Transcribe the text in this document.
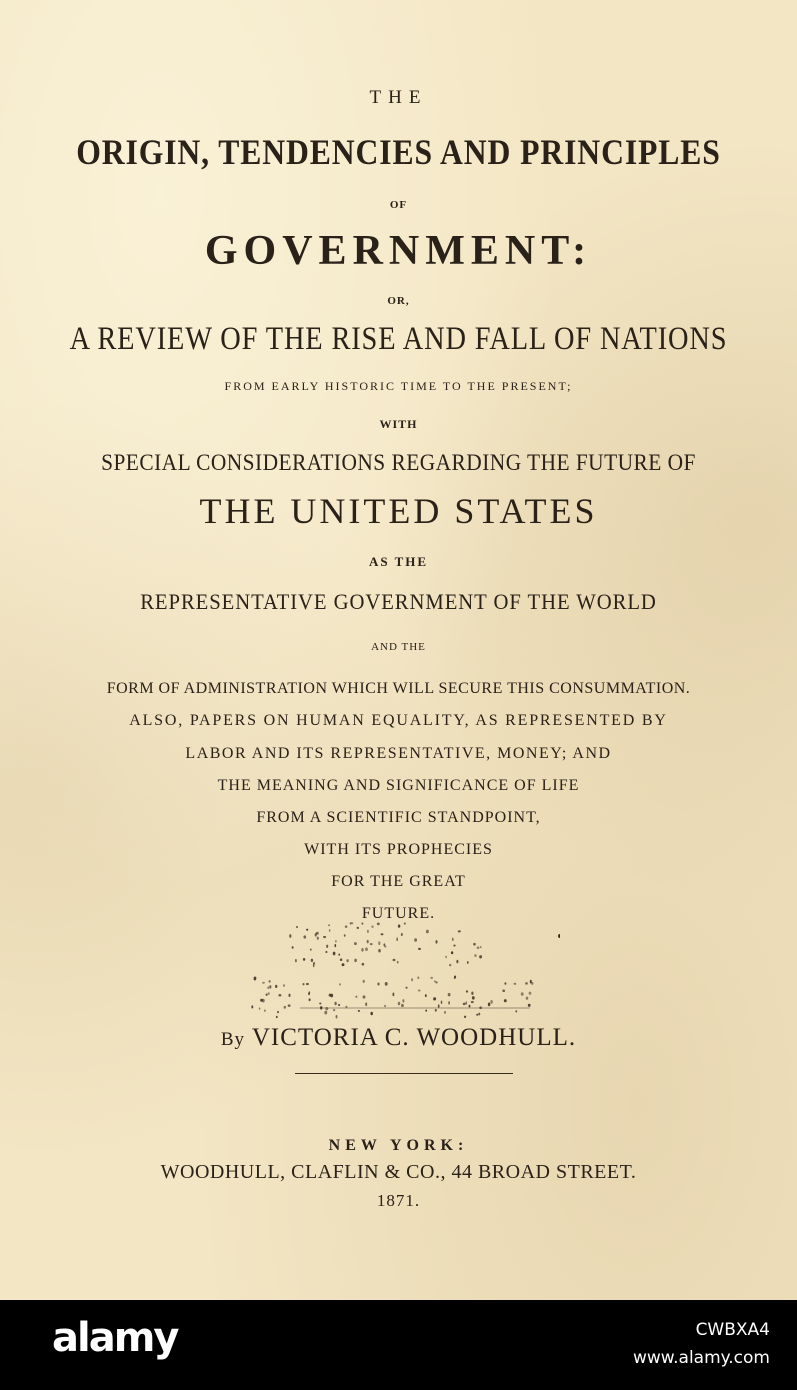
THE

ORIGIN, TENDENCIES AND PRINCIPLES

OF

GOVERNMENT:

OR,

A REVIEW OF THE RISE AND FALL OF NATIONS

FROM EARLY HISTORIC TIME TO THE PRESENT;

WITH

SPECIAL CONSIDERATIONS REGARDING THE FUTURE OF

THE UNITED STATES

AS THE

REPRESENTATIVE GOVERNMENT OF THE WORLD

AND THE

FORM OF ADMINISTRATION WHICH WILL SECURE THIS CONSUMMATION.

ALSO, PAPERS ON HUMAN EQUALITY, AS REPRESENTED BY

LABOR AND ITS REPRESENTATIVE, MONEY; AND

THE MEANING AND SIGNIFICANCE OF LIFE

FROM A SCIENTIFIC STANDPOINT,

WITH ITS PROPHECIES

FOR THE GREAT

FUTURE.

By VICTORIA C. WOODHULL.

NEW YORK:

WOODHULL, CLAFLIN & CO., 44 BROAD STREET.

1871.

alamy	CWBXA4
www.alamy.com
